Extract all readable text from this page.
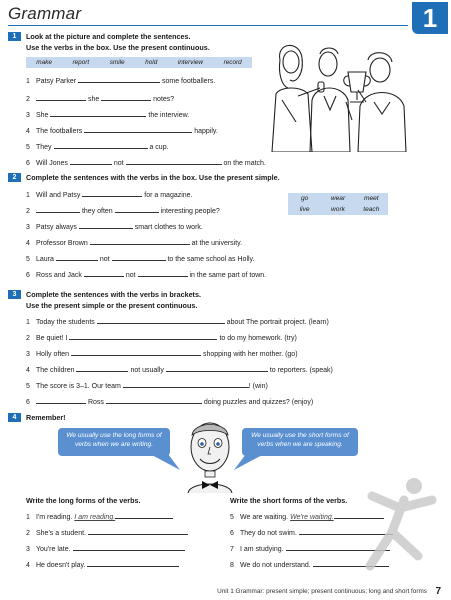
Grammar	1
1	Look at the picture and complete the sentences.
Use the verbs in the box. Use the present continuous.
make	report	smile	hold	interview	record
1 Patsy Parker	some footballers.
2	she	notes?
3 She	the interview.
4 The footballers	happily.
5 They	a cup.
6 Will Jones	not	on the match.
2	Complete the sentences with the verbs in the box. Use the present simple.
1 Will and Patsy	for a magazine.
2	they often	interesting people?
3 Patsy always	smart clothes to work.
4 Professor Brown	at the university.
5 Laura	not	to the same school as Holly.
6 Ross and Jack	not	in the same part of town.
go	wear	meet
live	work	teach
3	Complete the sentences with the verbs in brackets.
Use the present simple or the present continuous.
1 Today the students	about The portrait project. (learn)
2 Be quiet! I	to do my homework. (try)
3 Holly often	shopping with her mother. (go)
4 The children	not usually	to reporters. (speak)
5 The score is 3–1. Our team	! (win)
6	Ross	doing puzzles and quizzes? (enjoy)
4	Remember!
We usually use the long forms of verbs when we are writing.
We usually use the short forms of verbs when we are speaking.
Write the long forms of the verbs.	Write the short forms of the verbs.
1 I'm reading. I am reading.
2 She's a student.
3 You're late.
4 He doesn't play.
5 We are waiting. We're waiting.
6 They do not swim.
7 I am studying.
8 We do not understand.
Unit 1 Grammar: present simple; present continuous; long and short forms 7
